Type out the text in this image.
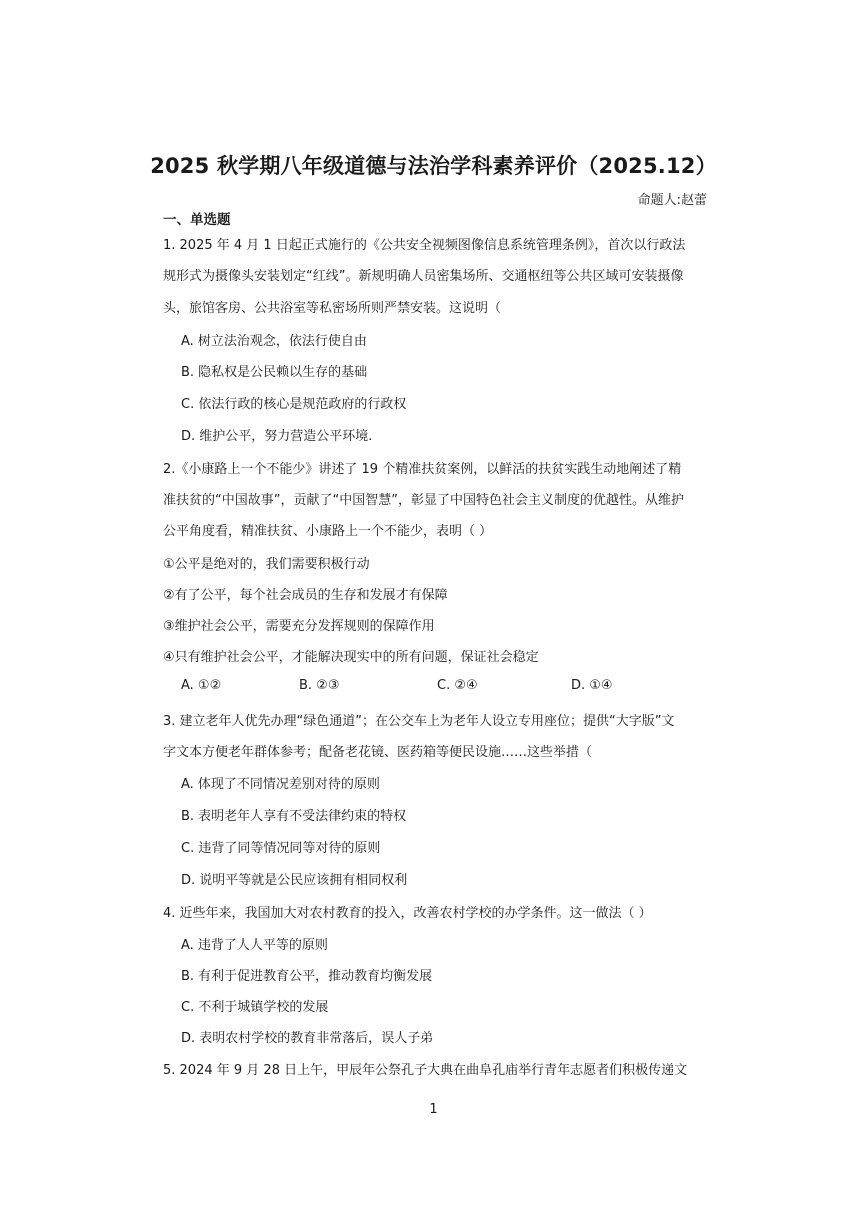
2025 秋学期八年级道德与法治学科素养评价（2025.12）
命题人:赵蕾
一、单选题
1. 2025 年 4 月 1 日起正式施行的《公共安全视频图像信息系统管理条例》，首次以行政法
规形式为摄像头安装划定“红线”。新规明确人员密集场所、交通枢纽等公共区域可安装摄像
头，旅馆客房、公共浴室等私密场所则严禁安装。这说明（
A. 树立法治观念，依法行使自由
B. 隐私权是公民赖以生存的基础
C. 依法行政的核心是规范政府的行政权
D. 维护公平，努力营造公平环境.
2.《小康路上一个不能少》讲述了 19 个精准扶贫案例，以鲜活的扶贫实践生动地阐述了精
准扶贫的“中国故事”，贡献了“中国智慧”，彰显了中国特色社会主义制度的优越性。从维护
公平角度看，精准扶贫、小康路上一个不能少，表明（ ）
①公平是绝对的，我们需要积极行动
②有了公平，每个社会成员的生存和发展才有保障
③维护社会公平，需要充分发挥规则的保障作用
④只有维护社会公平，才能解决现实中的所有问题，保证社会稳定
A. ①②	B. ②③	C. ②④	D. ①④
3. 建立老年人优先办理“绿色通道”；在公交车上为老年人设立专用座位；提供“大字版”文
字文本方便老年群体参考；配备老花镜、医药箱等便民设施……这些举措（
A. 体现了不同情况差别对待的原则
B. 表明老年人享有不受法律约束的特权
C. 违背了同等情况同等对待的原则
D. 说明平等就是公民应该拥有相同权利
4. 近些年来，我国加大对农村教育的投入，改善农村学校的办学条件。这一做法（ ）
A. 违背了人人平等的原则
B. 有利于促进教育公平，推动教育均衡发展
C. 不利于城镇学校的发展
D. 表明农村学校的教育非常落后，误人子弟
5. 2024 年 9 月 28 日上午，甲辰年公祭孔子大典在曲阜孔庙举行青年志愿者们积极传递文
1
